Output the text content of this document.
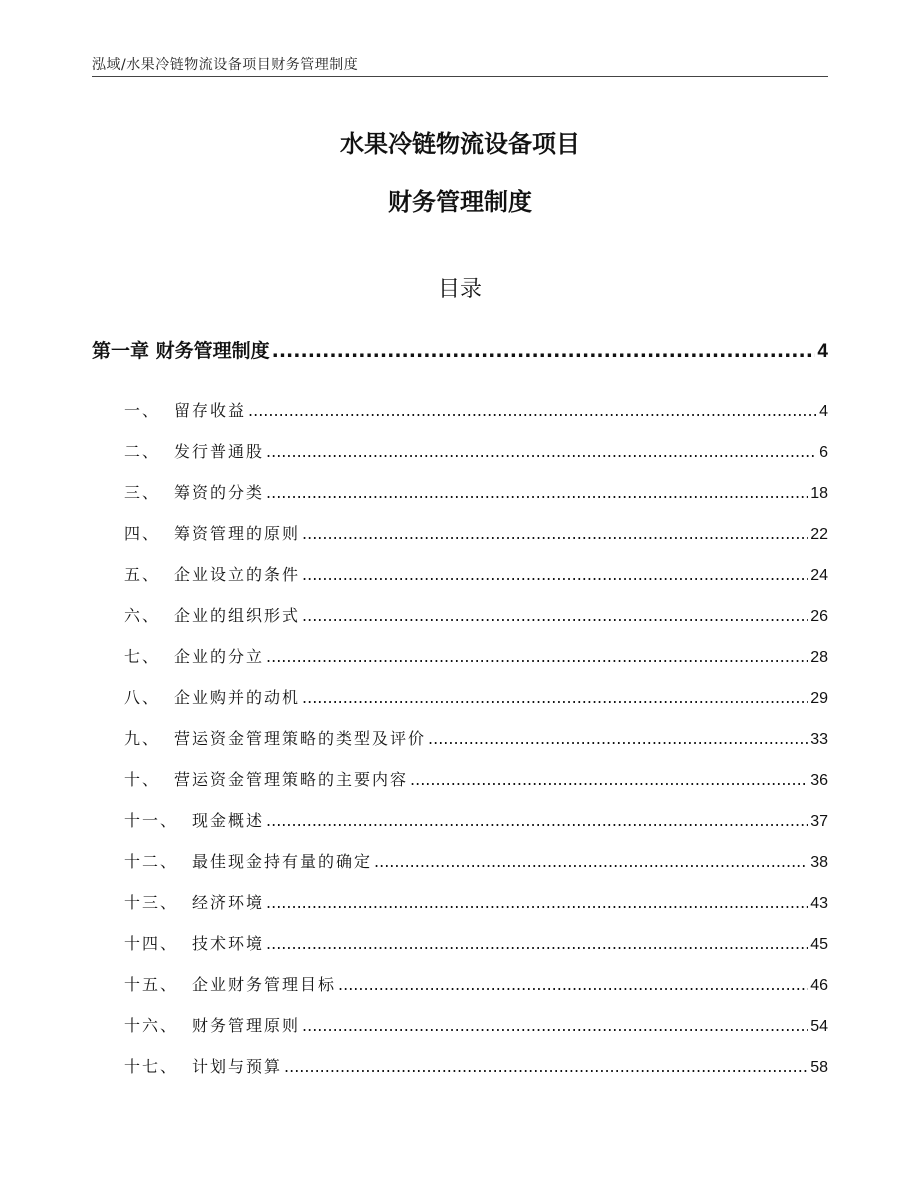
泓域/水果冷链物流设备项目财务管理制度
水果冷链物流设备项目
财务管理制度
目录
第一章 财务管理制度 .....	4
一、 留存收益 .....	4
二、 发行普通股 .....	6
三、 筹资的分类 .....	18
四、 筹资管理的原则 .....	22
五、 企业设立的条件 .....	24
六、 企业的组织形式 .....	26
七、 企业的分立 .....	28
八、 企业购并的动机 .....	29
九、 营运资金管理策略的类型及评价 .....	33
十、 营运资金管理策略的主要内容 .....	36
十一、 现金概述 .....	37
十二、 最佳现金持有量的确定 .....	38
十三、 经济环境 .....	43
十四、 技术环境 .....	45
十五、 企业财务管理目标 .....	46
十六、 财务管理原则 .....	54
十七、 计划与预算 .....	58
